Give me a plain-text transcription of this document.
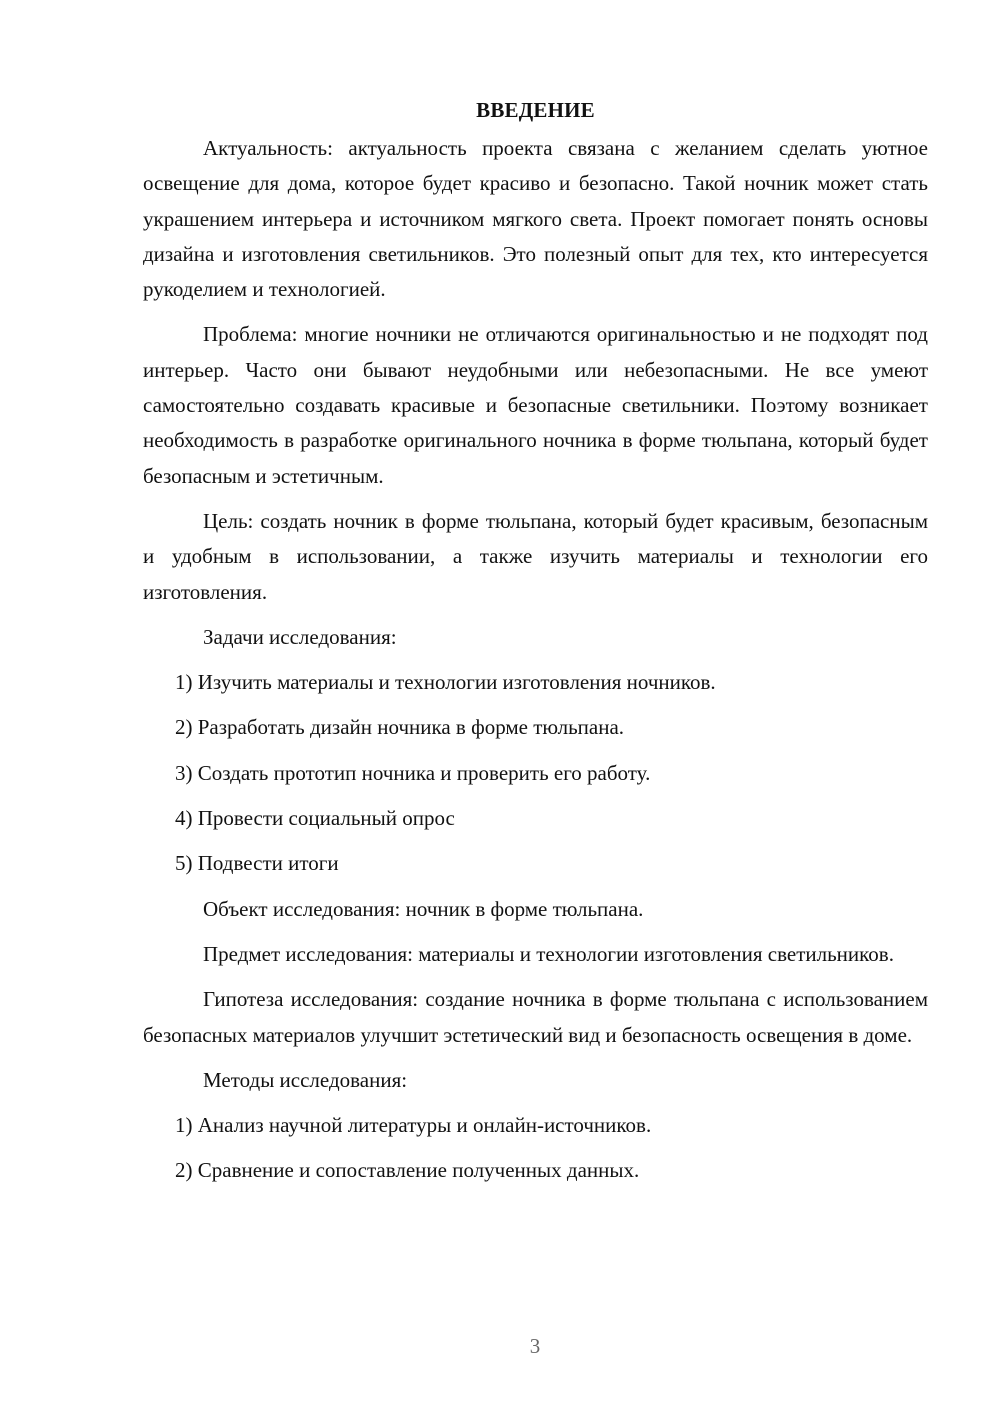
ВВЕДЕНИЕ

Актуальность: актуальность проекта связана с желанием сделать уютное освещение для дома, которое будет красиво и безопасно. Такой ночник может стать украшением интерьера и источником мягкого света. Проект помогает понять основы дизайна и изготовления светильников. Это полезный опыт для тех, кто интересуется рукоделием и технологией.

Проблема: многие ночники не отличаются оригинальностью и не подходят под интерьер. Часто они бывают неудобными или небезопасными. Не все умеют самостоятельно создавать красивые и безопасные светильники. Поэтому возникает необходимость в разработке оригинального ночника в форме тюльпана, который будет безопасным и эстетичным.

Цель: создать ночник в форме тюльпана, который будет красивым, безопасным и удобным в использовании, а также изучить материалы и технологии его изготовления.

Задачи исследования:

1) Изучить материалы и технологии изготовления ночников.

2) Разработать дизайн ночника в форме тюльпана.

3) Создать прототип ночника и проверить его работу.

4) Провести социальный опрос

5) Подвести итоги

Объект исследования: ночник в форме тюльпана.

Предмет исследования: материалы и технологии изготовления светильников.

Гипотеза исследования: создание ночника в форме тюльпана с использованием безопасных материалов улучшит эстетический вид и безопасность освещения в доме.

Методы исследования:

1) Анализ научной литературы и онлайн-источников.

2) Сравнение и сопоставление полученных данных.

3
